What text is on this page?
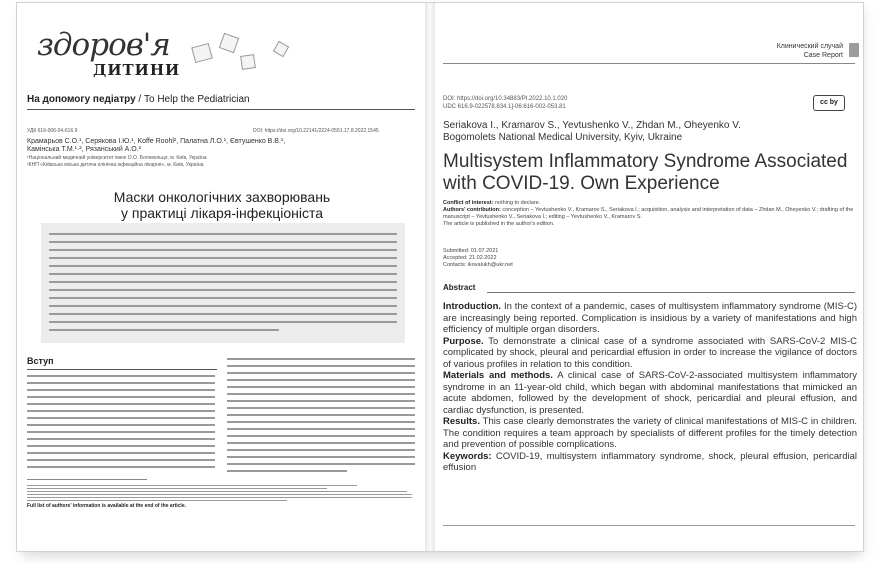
здоров'я
ДИТИНИ
На допомогу педіатру / To Help the Pediatrician
УДК 616-006-04-616.9	DOI: https://doi.org/10.22141/2224-0551.17.8.2022.1545
Крамарьов С.О.¹, Серякова І.Ю.¹, Koffe Roohl², Палатна Л.О.¹, Євтушенко В.В.¹,
Камінська Т.М.¹·², Рязанський А.О.²
¹Національний медичний університет імені О.О. Богомольця, м. Київ, Україна
²КНП «Київська міська дитяча клінічна інфекційна лікарня», м. Київ, Україна
Маски онкологічних захворювань
у практиці лікаря-інфекціоніста
Вступ
Full list of authors' information is available at the end of the article.
Клинический случай
Case Report
DOI: https://doi.org/10.34883/PI.2022.10.1.020
UDC 616.9-022578.834.1]-06:616-002-053.81
cc by
Seriakova I., Kramarov S., Yevtushenko V., Zhdan M., Oheyenko V.
Bogomolets National Medical University, Kyiv, Ukraine
Multisystem Inflammatory Syndrome Associated with COVID-19. Own Experience
Conflict of interest: nothing to declare.
Authors' contribution: conception – Yevtushenko V., Kramarov S., Seriakova I.; acquisition, analysis and interpretation of data – Zhdan M., Oheyenko V.; drafting of the manuscript – Yevtushenko V., Seriakova I.; editing – Yevtushenko V., Kramarov S.
The article is published in the author's edition.
Submitted: 01.07.2021
Accepted: 21.02.2022
Contacts: ikovalukh@ukr.net
Abstract

Introduction. In the context of a pandemic, cases of multisystem inflammatory syndrome (MIS-C) are increasingly being reported. Complication is insidious by a variety of manifestations and high efficiency of multiple organ disorders.

Purpose. To demonstrate a clinical case of a syndrome associated with SARS-CoV-2 MIS-C complicated by shock, pleural and pericardial effusion in order to increase the vigilance of doctors of various profiles in relation to this condition.

Materials and methods. A clinical case of SARS-CoV-2-associated multisystem inflammatory syndrome in an 11-year-old child, which began with abdominal manifestations that mimicked an acute abdomen, followed by the development of shock, pericardial and pleural effusion, and cardiac dysfunction, is presented.

Results. This case clearly demonstrates the variety of clinical manifestations of MIS-C in children. The condition requires a team approach by specialists of different profiles for the timely detection and prevention of possible complications.

Keywords: COVID-19, multisystem inflammatory syndrome, shock, pleural effusion, pericardial effusion
